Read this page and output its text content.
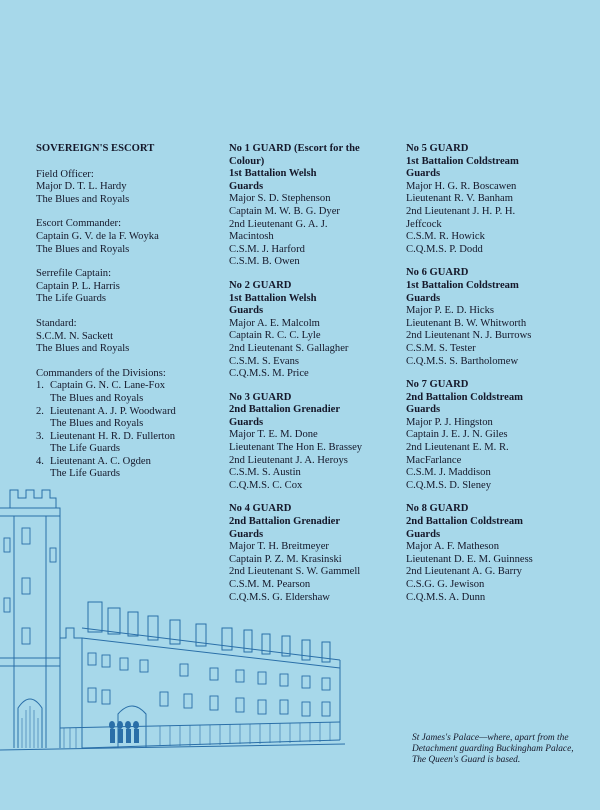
SOVEREIGN'S ESCORT
Field Officer:
Major D. T. L. Hardy
The Blues and Royals
Escort Commander:
Captain G. V. de la F. Woyka
The Blues and Royals
Serrefile Captain:
Captain P. L. Harris
The Life Guards
Standard:
S.C.M. N. Sackett
The Blues and Royals
Commanders of the Divisions:
1. Captain G. N. C. Lane-Fox
The Blues and Royals
2. Lieutenant A. J. P. Woodward
The Blues and Royals
3. Lieutenant H. R. D. Fullerton
The Life Guards
4. Lieutenant A. C. Ogden
The Life Guards
No 1 GUARD (Escort for the
Colour)
1st Battalion Welsh
Guards
Major S. D. Stephenson
Captain M. W. B. G. Dyer
2nd Lieutenant G. A. J.
Macintosh
C.S.M. J. Harford
C.S.M. B. Owen
No 2 GUARD
1st Battalion Welsh
Guards
Major A. E. Malcolm
Captain R. C. C. Lyle
2nd Lieutenant S. Gallagher
C.S.M. S. Evans
C.Q.M.S. M. Price
No 3 GUARD
2nd Battalion Grenadier
Guards
Major T. E. M. Done
Lieutenant The Hon E. Brassey
2nd Lieutenant J. A. Heroys
C.S.M. S. Austin
C.Q.M.S. C. Cox
No 4 GUARD
2nd Battalion Grenadier
Guards
Major T. H. Breitmeyer
Captain P. Z. M. Krasinski
2nd Lieutenant S. W. Gammell
C.S.M. M. Pearson
C.Q.M.S. G. Eldershaw
No 5 GUARD
1st Battalion Coldstream
Guards
Major H. G. R. Boscawen
Lieutenant R. V. Banham
2nd Lieutenant J. H. P. H.
Jeffcock
C.S.M. R. Howick
C.Q.M.S. P. Dodd
No 6 GUARD
1st Battalion Coldstream
Guards
Major P. E. D. Hicks
Lieutenant B. W. Whitworth
2nd Lieutenant N. J. Burrows
C.S.M. S. Tester
C.Q.M.S. S. Bartholomew
No 7 GUARD
2nd Battalion Coldstream
Guards
Major P. J. Hingston
Captain J. E. J. N. Giles
2nd Lieutenant E. M. R.
MacFarlance
C.S.M. J. Maddison
C.Q.M.S. D. Sleney
No 8 GUARD
2nd Battalion Coldstream
Guards
Major A. F. Matheson
Lieutenant D. E. M. Guinness
2nd Lieutenant A. G. Barry
C.S.G. G. Jewison
C.Q.M.S. A. Dunn
St James's Palace—where, apart from the Detachment guarding Buckingham Palace, The Queen's Guard is based.
